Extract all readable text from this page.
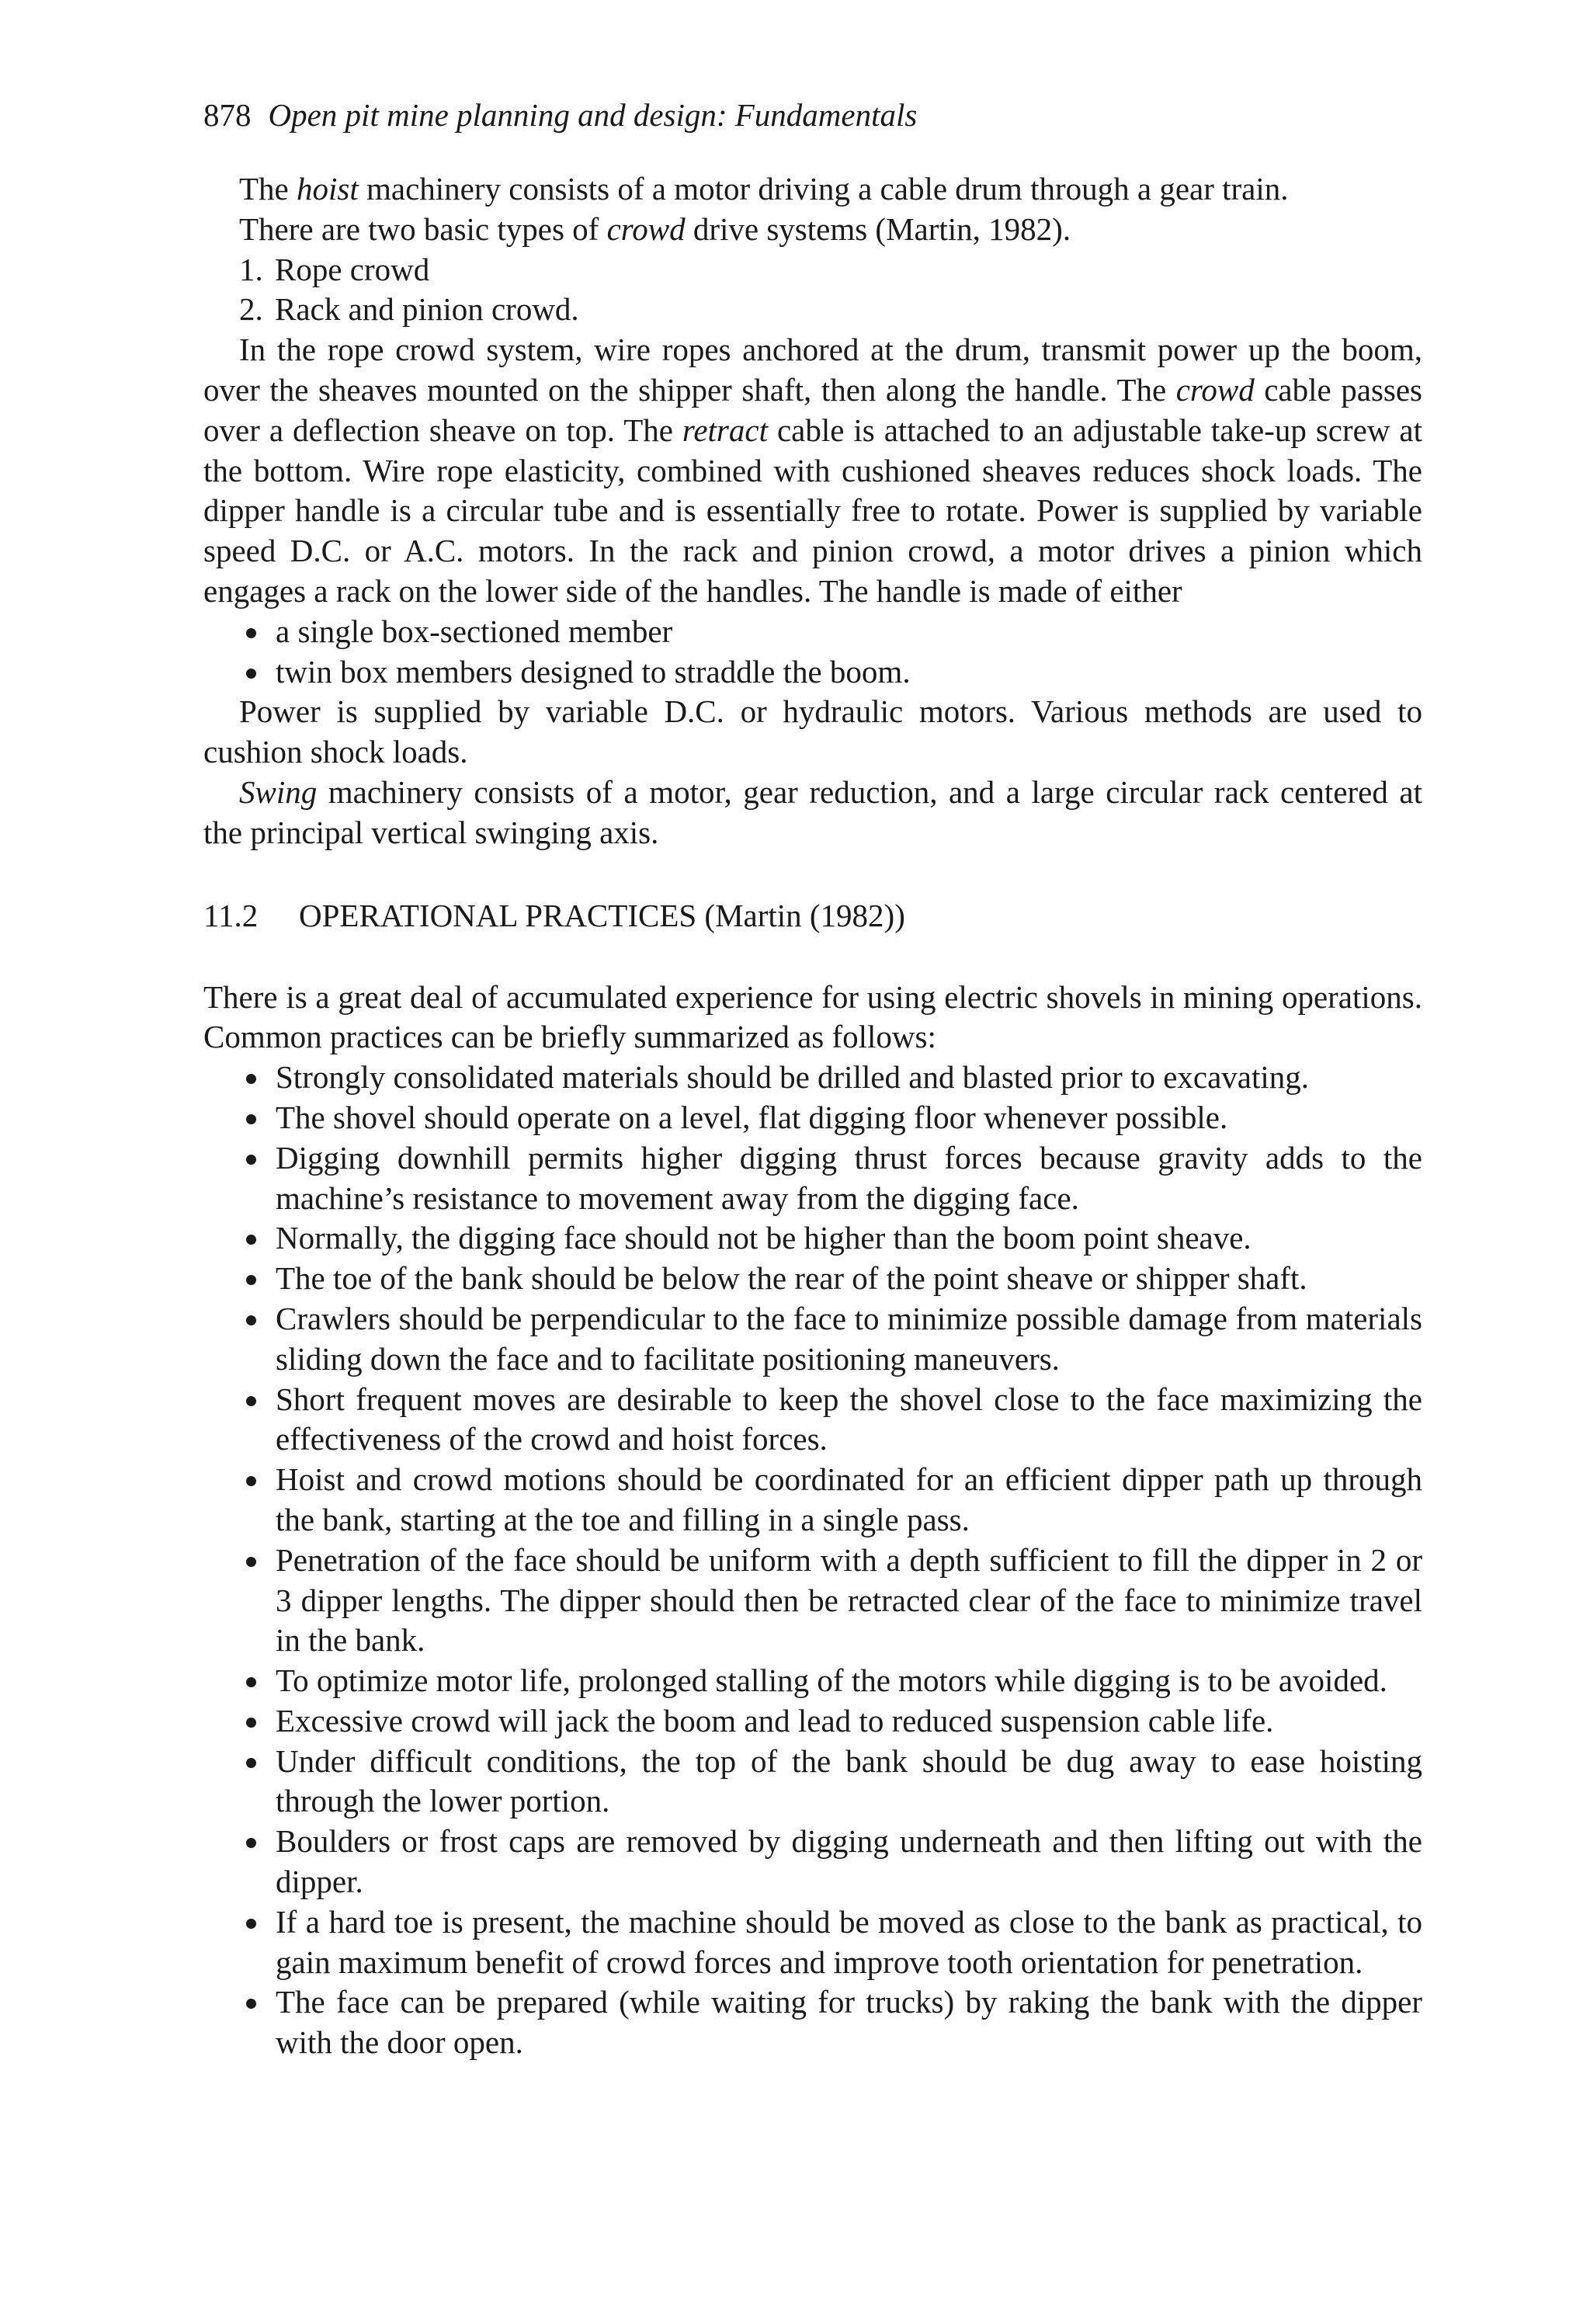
878 Open pit mine planning and design: Fundamentals

The hoist machinery consists of a motor driving a cable drum through a gear train.

There are two basic types of crowd drive systems (Martin, 1982).

1. Rope crowd
2. Rack and pinion crowd.

In the rope crowd system, wire ropes anchored at the drum, transmit power up the boom, over the sheaves mounted on the shipper shaft, then along the handle. The crowd cable passes over a deflection sheave on top. The retract cable is attached to an adjustable take-up screw at the bottom. Wire rope elasticity, combined with cushioned sheaves reduces shock loads. The dipper handle is a circular tube and is essentially free to rotate. Power is supplied by variable speed D.C. or A.C. motors. In the rack and pinion crowd, a motor drives a pinion which engages a rack on the lower side of the handles. The handle is made of either

a single box-sectioned member
twin box members designed to straddle the boom.

Power is supplied by variable D.C. or hydraulic motors. Various methods are used to cushion shock loads.

Swing machinery consists of a motor, gear reduction, and a large circular rack centered at the principal vertical swinging axis.

11.2 OPERATIONAL PRACTICES (Martin (1982))

There is a great deal of accumulated experience for using electric shovels in mining operations. Common practices can be briefly summarized as follows:

Strongly consolidated materials should be drilled and blasted prior to excavating.
The shovel should operate on a level, flat digging floor whenever possible.
Digging downhill permits higher digging thrust forces because gravity adds to the machine’s resistance to movement away from the digging face.
Normally, the digging face should not be higher than the boom point sheave.
The toe of the bank should be below the rear of the point sheave or shipper shaft.
Crawlers should be perpendicular to the face to minimize possible damage from materials sliding down the face and to facilitate positioning maneuvers.
Short frequent moves are desirable to keep the shovel close to the face maximizing the effectiveness of the crowd and hoist forces.
Hoist and crowd motions should be coordinated for an efficient dipper path up through the bank, starting at the toe and filling in a single pass.
Penetration of the face should be uniform with a depth sufficient to fill the dipper in 2 or 3 dipper lengths. The dipper should then be retracted clear of the face to minimize travel in the bank.
To optimize motor life, prolonged stalling of the motors while digging is to be avoided.
Excessive crowd will jack the boom and lead to reduced suspension cable life.
Under difficult conditions, the top of the bank should be dug away to ease hoisting through the lower portion.
Boulders or frost caps are removed by digging underneath and then lifting out with the dipper.
If a hard toe is present, the machine should be moved as close to the bank as practical, to gain maximum benefit of crowd forces and improve tooth orientation for penetration.
The face can be prepared (while waiting for trucks) by raking the bank with the dipper with the door open.
